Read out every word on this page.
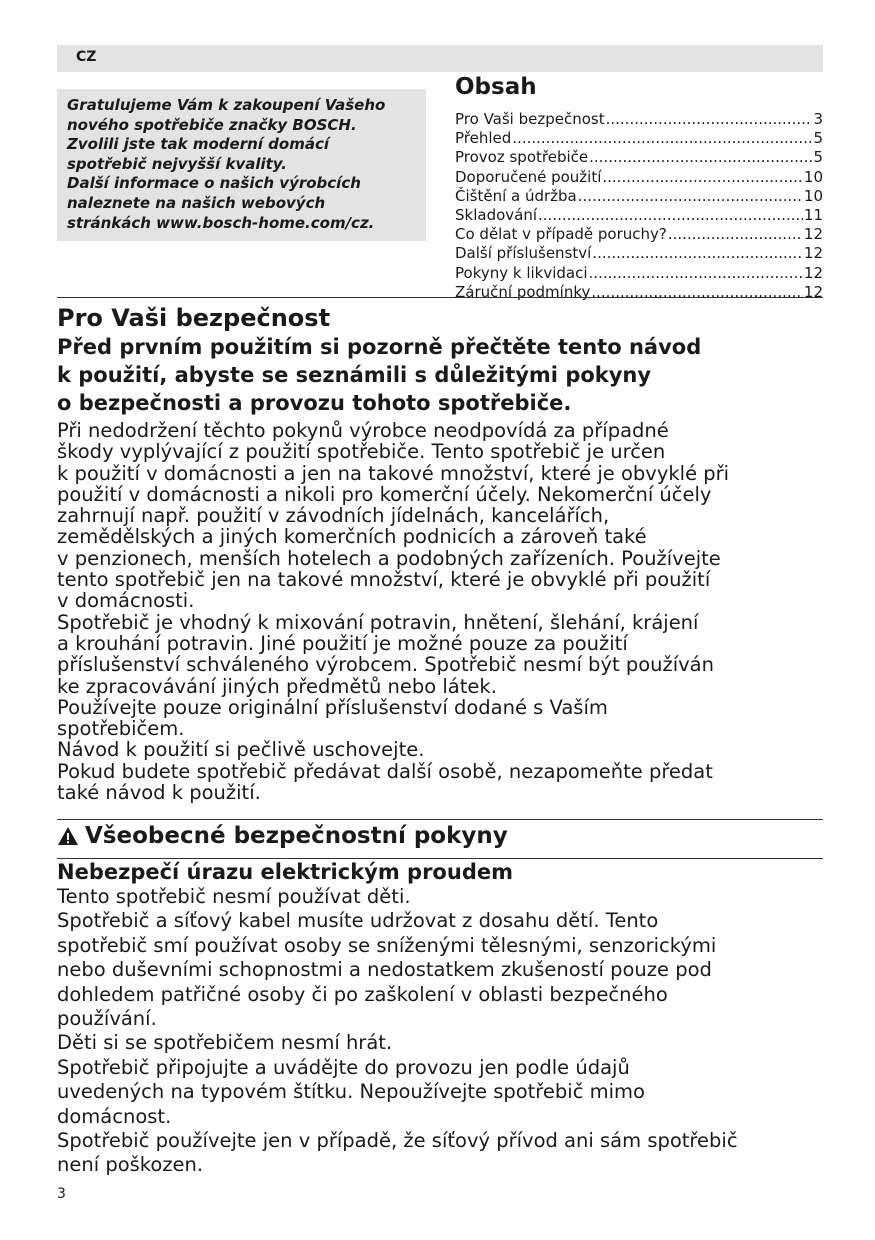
CZ

Gratulujeme Vám k zakoupení Vašeho

nového spotřebiče značky BOSCH.

Zvolili jste tak moderní domácí

spotřebič nejvyšší kvality.

Další informace o našich výrobcích

naleznete na našich webových

stránkách www.bosch-home.com/cz.

Obsah
Pro Vaši bezpečnost .....	3
Přehled .....	5
Provoz spotřebiče .....	5
Doporučené použití .....	10
Čištění a údržba .....	10
Skladování .....	11
Co dělat v případě poruchy? .....	12
Další příslušenství .....	12
Pokyny k likvidaci .....	12
Záruční podmínky .....	12
Pro Vaši bezpečnost

Před prvním použitím si pozorně přečtěte tento návod

k použití, abyste se seznámili s důležitými pokyny

o bezpečnosti a provozu tohoto spotřebiče.

Při nedodržení těchto pokynů výrobce neodpovídá za případné

škody vyplývající z použití spotřebiče. Tento spotřebič je určen

k použití v domácnosti a jen na takové množství, které je obvyklé při

použití v domácnosti a nikoli pro komerční účely. Nekomerční účely

zahrnují např. použití v závodních jídelnách, kancelářích,

zemědělských a jiných komerčních podnicích a zároveň také

v penzionech, menších hotelech a podobných zařízeních. Používejte

tento spotřebič jen na takové množství, které je obvyklé při použití

v domácnosti.

Spotřebič je vhodný k mixování potravin, hnětení, šlehání, krájení

a krouhání potravin. Jiné použití je možné pouze za použití

příslušenství schváleného výrobcem. Spotřebič nesmí být používán

ke zpracovávání jiných předmětů nebo látek.

Používejte pouze originální příslušenství dodané s Vaším

spotřebičem.

Návod k použití si pečlivě uschovejte.

Pokud budete spotřebič předávat další osobě, nezapomeňte předat

také návod k použití.

Všeobecné bezpečnostní pokyny
Nebezpečí úrazu elektrickým proudem

Tento spotřebič nesmí používat děti.

Spotřebič a síťový kabel musíte udržovat z dosahu dětí. Tento

spotřebič smí používat osoby se sníženými tělesnými, senzorickými

nebo duševními schopnostmi a nedostatkem zkušeností pouze pod

dohledem patřičné osoby či po zaškolení v oblasti bezpečného

používání.

Děti si se spotřebičem nesmí hrát.

Spotřebič připojujte a uvádějte do provozu jen podle údajů

uvedených na typovém štítku. Nepoužívejte spotřebič mimo

domácnost.

Spotřebič používejte jen v případě, že síťový přívod ani sám spotřebič

není poškozen.

3
